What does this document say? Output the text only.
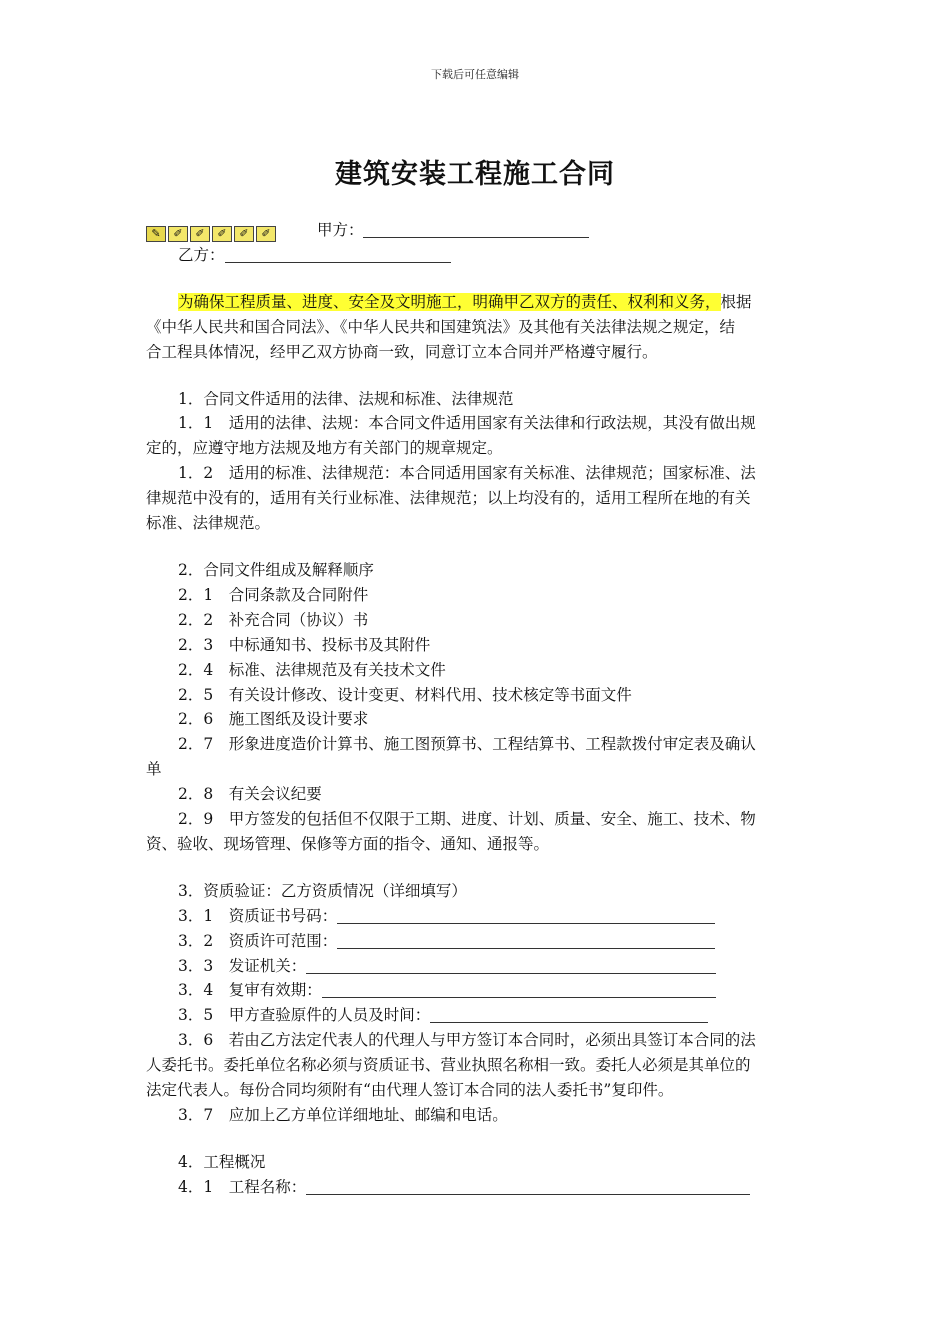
下载后可任意编辑
建筑安装工程施工合同
✎	✐	✐	✐	✐	✐	甲方：
乙方：
为确保工程质量、进度、安全及文明施工，明确甲乙双方的责任、权利和义务，根据
《中华人民共和国合同法》、《中华人民共和国建筑法》及其他有关法律法规之规定，结
合工程具体情况，经甲乙双方协商一致，同意订立本合同并严格遵守履行。
1．合同文件适用的法律、法规和标准、法律规范
1．1　适用的法律、法规：本合同文件适用国家有关法律和行政法规，其没有做出规
定的，应遵守地方法规及地方有关部门的规章规定。
1．2　适用的标准、法律规范：本合同适用国家有关标准、法律规范；国家标准、法
律规范中没有的，适用有关行业标准、法律规范；以上均没有的，适用工程所在地的有关
标准、法律规范。
2．合同文件组成及解释顺序
2．1　合同条款及合同附件
2．2　补充合同（协议）书
2．3　中标通知书、投标书及其附件
2．4　标准、法律规范及有关技术文件
2．5　有关设计修改、设计变更、材料代用、技术核定等书面文件
2．6　施工图纸及设计要求
2．7　形象进度造价计算书、施工图预算书、工程结算书、工程款拨付审定表及确认
单
2．8　有关会议纪要
2．9　甲方签发的包括但不仅限于工期、进度、计划、质量、安全、施工、技术、物
资、验收、现场管理、保修等方面的指令、通知、通报等。
3．资质验证：乙方资质情况（详细填写）
3．1　资质证书号码：
3．2　资质许可范围：
3．3　发证机关：
3．4　复审有效期：
3．5　甲方查验原件的人员及时间：
3．6　若由乙方法定代表人的代理人与甲方签订本合同时，必须出具签订本合同的法
人委托书。委托单位名称必须与资质证书、营业执照名称相一致。委托人必须是其单位的
法定代表人。每份合同均须附有“由代理人签订本合同的法人委托书”复印件。
3．7　应加上乙方单位详细地址、邮编和电话。
4．工程概况
4．1　工程名称：
